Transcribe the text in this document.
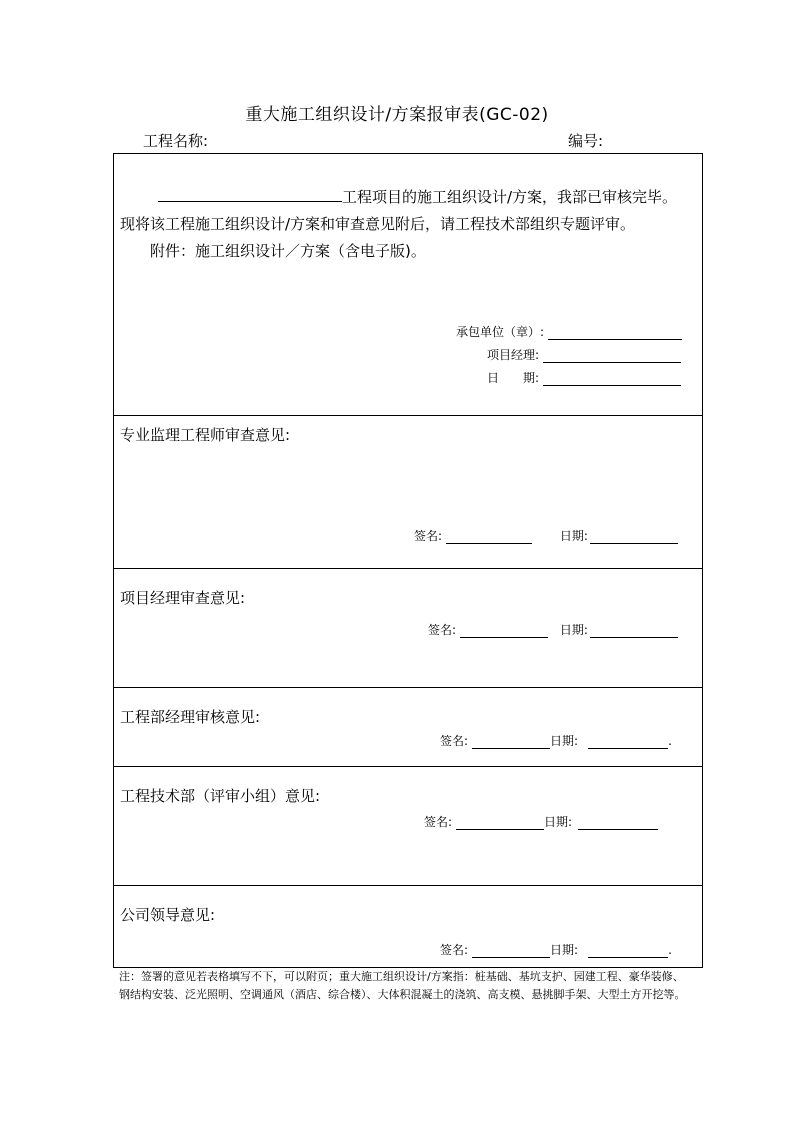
重大施工组织设计/方案报审表(GC-02)
工程名称:	编号:
工程项目的施工组织设计/方案，我部已审核完毕。
现将该工程施工组织设计/方案和审查意见附后，请工程技术部组织专题评审。
附件：施工组织设计／方案（含电子版)。
承包单位（章）:
项目经理:
日　　期:
专业监理工程师审查意见:
签名:	日期:
项目经理审查意见:
签名:	日期:
工程部经理审核意见:
签名:	日期:	.
工程技术部（评审小组）意见:
签名:	日期:
公司领导意见:
签名:	日期:	.
注：签署的意见若表格填写不下，可以附页；重大施工组织设计/方案指：桩基础、基坑支护、园建工程、豪华装修、钢结构安装、泛光照明、空调通风（酒店、综合楼）、大体积混凝土的浇筑、高支模、悬挑脚手架、大型土方开挖等。
